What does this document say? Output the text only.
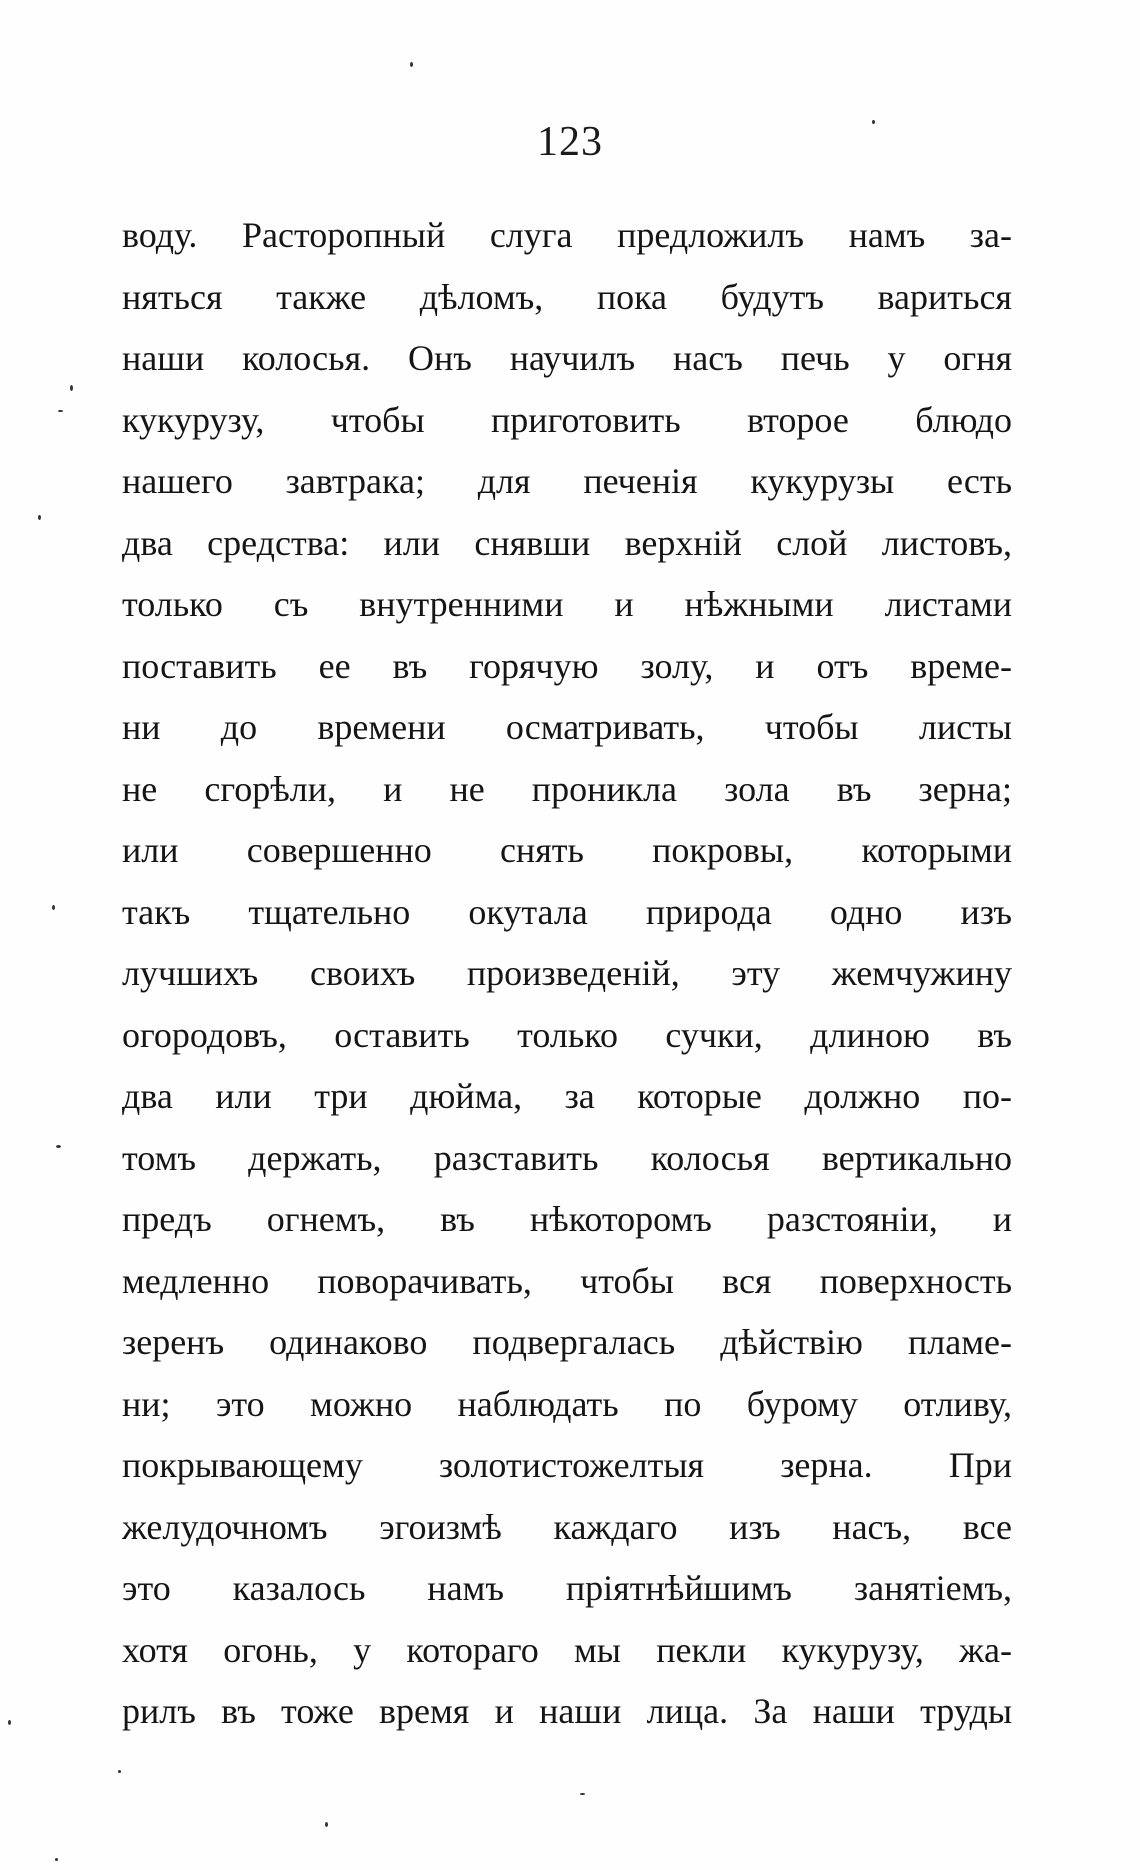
123
воду. Расторопный слуга предложилъ намъ за-
няться также дѣломъ, пока будутъ вариться
наши колосья. Онъ научилъ насъ печь у огня
кукурузу, чтобы приготовить второе блюдо
нашего завтрака; для печенія кукурузы есть
два средства: или снявши верхній слой листовъ,
только съ внутренними и нѣжными листами
поставить ее въ горячую золу, и отъ време-
ни до времени осматривать, чтобы листы
не сгорѣли, и не проникла зола въ зерна;
или совершенно снять покровы, которыми
такъ тщательно окутала природа одно изъ
лучшихъ своихъ произведеній, эту жемчужину
огородовъ, оставить только сучки, длиною въ
два или три дюйма, за которые должно по-
томъ держать, разставить колосья вертикально
предъ огнемъ, въ нѣкоторомъ разстояніи, и
медленно поворачивать, чтобы вся поверхность
зеренъ одинаково подвергалась дѣйствію пламе-
ни; это можно наблюдать по бурому отливу,
покрывающему золотистожелтыя зерна. При
желудочномъ эгоизмѣ каждаго изъ насъ, все
это казалось намъ пріятнѣйшимъ занятіемъ,
хотя огонь, у котораго мы пекли кукурузу, жа-
рилъ въ тоже время и наши лица. За наши труды
